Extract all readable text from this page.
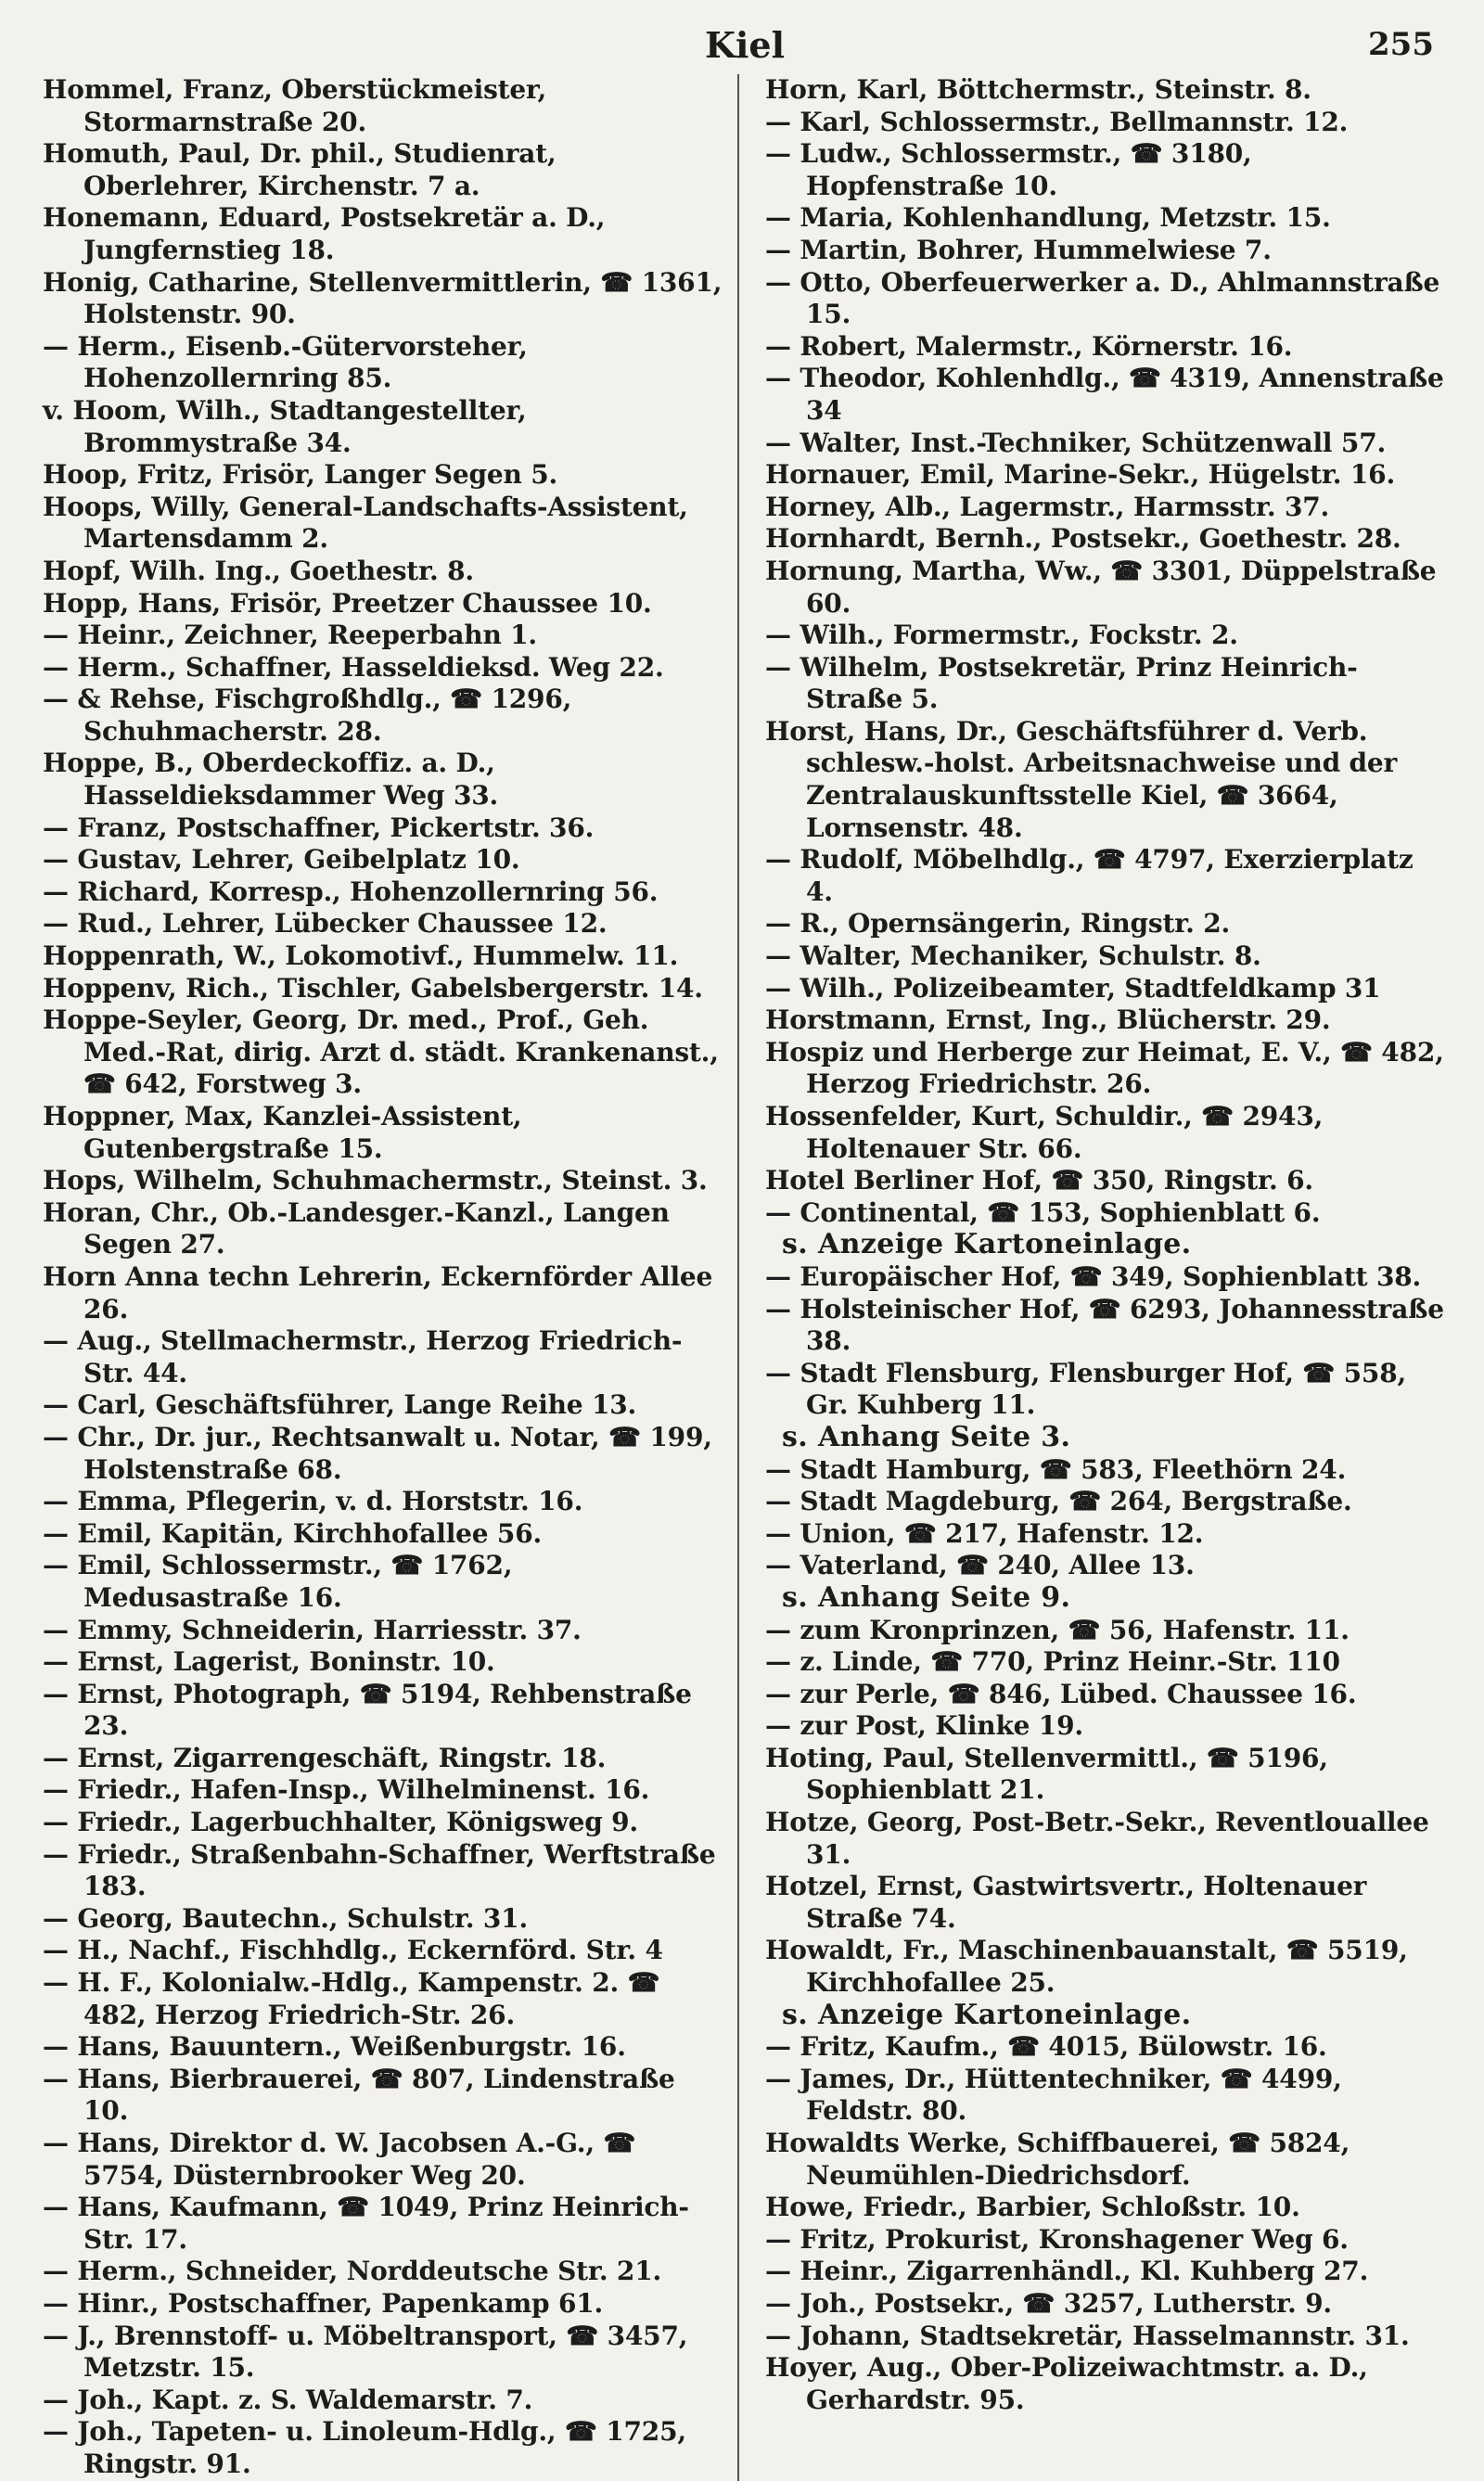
Kiel	255

Hommel, Franz, Oberstückmeister, Stormarnstraße 20.

Homuth, Paul, Dr. phil., Studienrat, Oberlehrer, Kirchenstr. 7 a.

Honemann, Eduard, Postsekretär a. D., Jungfernstieg 18.

Honig, Catharine, Stellenvermittlerin, ☎ 1361, Holstenstr. 90.

— Herm., Eisenb.-Gütervorsteher, Hohenzollernring 85.

v. Hoom, Wilh., Stadtangestellter, Brommystraße 34.

Hoop, Fritz, Frisör, Langer Segen 5.

Hoops, Willy, General-Landschafts-Assistent, Martensdamm 2.

Hopf, Wilh. Ing., Goethestr. 8.

Hopp, Hans, Frisör, Preetzer Chaussee 10.

— Heinr., Zeichner, Reeperbahn 1.

— Herm., Schaffner, Hasseldieksd. Weg 22.

— & Rehse, Fischgroßhdlg., ☎ 1296, Schuhmacherstr. 28.

Hoppe, B., Oberdeckoffiz. a. D., Hasseldieksdammer Weg 33.

— Franz, Postschaffner, Pickertstr. 36.

— Gustav, Lehrer, Geibelplatz 10.

— Richard, Korresp., Hohenzollernring 56.

— Rud., Lehrer, Lübecker Chaussee 12.

Hoppenrath, W., Lokomotivf., Hummelw. 11.

Hoppenv, Rich., Tischler, Gabelsbergerstr. 14.

Hoppe-Seyler, Georg, Dr. med., Prof., Geh. Med.-Rat, dirig. Arzt d. städt. Krankenanst., ☎ 642, Forstweg 3.

Hoppner, Max, Kanzlei-Assistent, Gutenbergstraße 15.

Hops, Wilhelm, Schuhmachermstr., Steinst. 3.

Horan, Chr., Ob.-Landesger.-Kanzl., Langen Segen 27.

Horn Anna techn Lehrerin, Eckernförder Allee 26.

— Aug., Stellmachermstr., Herzog Friedrich-Str. 44.

— Carl, Geschäftsführer, Lange Reihe 13.

— Chr., Dr. jur., Rechtsanwalt u. Notar, ☎ 199, Holstenstraße 68.

— Emma, Pflegerin, v. d. Horststr. 16.

— Emil, Kapitän, Kirchhofallee 56.

— Emil, Schlossermstr., ☎ 1762, Medusastraße 16.

— Emmy, Schneiderin, Harriesstr. 37.

— Ernst, Lagerist, Boninstr. 10.

— Ernst, Photograph, ☎ 5194, Rehbenstraße 23.

— Ernst, Zigarrengeschäft, Ringstr. 18.

— Friedr., Hafen-Insp., Wilhelminenst. 16.

— Friedr., Lagerbuchhalter, Königsweg 9.

— Friedr., Straßenbahn-Schaffner, Werftstraße 183.

— Georg, Bautechn., Schulstr. 31.

— H., Nachf., Fischhdlg., Eckernförd. Str. 4

— H. F., Kolonialw.-Hdlg., Kampenstr. 2. ☎ 482, Herzog Friedrich-Str. 26.

— Hans, Bauuntern., Weißenburgstr. 16.

— Hans, Bierbrauerei, ☎ 807, Lindenstraße 10.

— Hans, Direktor d. W. Jacobsen A.-G., ☎ 5754, Düsternbrooker Weg 20.

— Hans, Kaufmann, ☎ 1049, Prinz Heinrich-Str. 17.

— Herm., Schneider, Norddeutsche Str. 21.

— Hinr., Postschaffner, Papenkamp 61.

— J., Brennstoff- u. Möbeltransport, ☎ 3457, Metzstr. 15.

— Joh., Kapt. z. S. Waldemarstr. 7.

— Joh., Tapeten- u. Linoleum-Hdlg., ☎ 1725, Ringstr. 91.

Horn, Karl, Böttchermstr., Steinstr. 8.

— Karl, Schlossermstr., Bellmannstr. 12.

— Ludw., Schlossermstr., ☎ 3180, Hopfenstraße 10.

— Maria, Kohlenhandlung, Metzstr. 15.

— Martin, Bohrer, Hummelwiese 7.

— Otto, Oberfeuerwerker a. D., Ahlmannstraße 15.

— Robert, Malermstr., Körnerstr. 16.

— Theodor, Kohlenhdlg., ☎ 4319, Annenstraße 34

— Walter, Inst.-Techniker, Schützenwall 57.

Hornauer, Emil, Marine-Sekr., Hügelstr. 16.

Horney, Alb., Lagermstr., Harmsstr. 37.

Hornhardt, Bernh., Postsekr., Goethestr. 28.

Hornung, Martha, Ww., ☎ 3301, Düppelstraße 60.

— Wilh., Formermstr., Fockstr. 2.

— Wilhelm, Postsekretär, Prinz Heinrich-Straße 5.

Horst, Hans, Dr., Geschäftsführer d. Verb. schlesw.-holst. Arbeitsnachweise und der Zentralauskunftsstelle Kiel, ☎ 3664, Lornsenstr. 48.

— Rudolf, Möbelhdlg., ☎ 4797, Exerzierplatz 4.

— R., Opernsängerin, Ringstr. 2.

— Walter, Mechaniker, Schulstr. 8.

— Wilh., Polizeibeamter, Stadtfeldkamp 31

Horstmann, Ernst, Ing., Blücherstr. 29.

Hospiz und Herberge zur Heimat, E. V., ☎ 482, Herzog Friedrichstr. 26.

Hossenfelder, Kurt, Schuldir., ☎ 2943, Holtenauer Str. 66.

Hotel Berliner Hof, ☎ 350, Ringstr. 6.

— Continental, ☎ 153, Sophienblatt 6.

s. Anzeige Kartoneinlage.

— Europäischer Hof, ☎ 349, Sophienblatt 38.

— Holsteinischer Hof, ☎ 6293, Johannesstraße 38.

— Stadt Flensburg, Flensburger Hof, ☎ 558, Gr. Kuhberg 11.

s. Anhang Seite 3.

— Stadt Hamburg, ☎ 583, Fleethörn 24.

— Stadt Magdeburg, ☎ 264, Bergstraße.

— Union, ☎ 217, Hafenstr. 12.

— Vaterland, ☎ 240, Allee 13.

s. Anhang Seite 9.

— zum Kronprinzen, ☎ 56, Hafenstr. 11.

— z. Linde, ☎ 770, Prinz Heinr.-Str. 110

— zur Perle, ☎ 846, Lübed. Chaussee 16.

— zur Post, Klinke 19.

Hoting, Paul, Stellenvermittl., ☎ 5196, Sophienblatt 21.

Hotze, Georg, Post-Betr.-Sekr., Reventlouallee 31.

Hotzel, Ernst, Gastwirtsvertr., Holtenauer Straße 74.

Howaldt, Fr., Maschinenbauanstalt, ☎ 5519, Kirchhofallee 25.

s. Anzeige Kartoneinlage.

— Fritz, Kaufm., ☎ 4015, Bülowstr. 16.

— James, Dr., Hüttentechniker, ☎ 4499, Feldstr. 80.

Howaldts Werke, Schiffbauerei, ☎ 5824, Neumühlen-Diedrichsdorf.

Howe, Friedr., Barbier, Schloßstr. 10.

— Fritz, Prokurist, Kronshagener Weg 6.

— Heinr., Zigarrenhändl., Kl. Kuhberg 27.

— Joh., Postsekr., ☎ 3257, Lutherstr. 9.

— Johann, Stadtsekretär, Hasselmannstr. 31.

Hoyer, Aug., Ober-Polizeiwachtmstr. a. D., Gerhardstr. 95.
